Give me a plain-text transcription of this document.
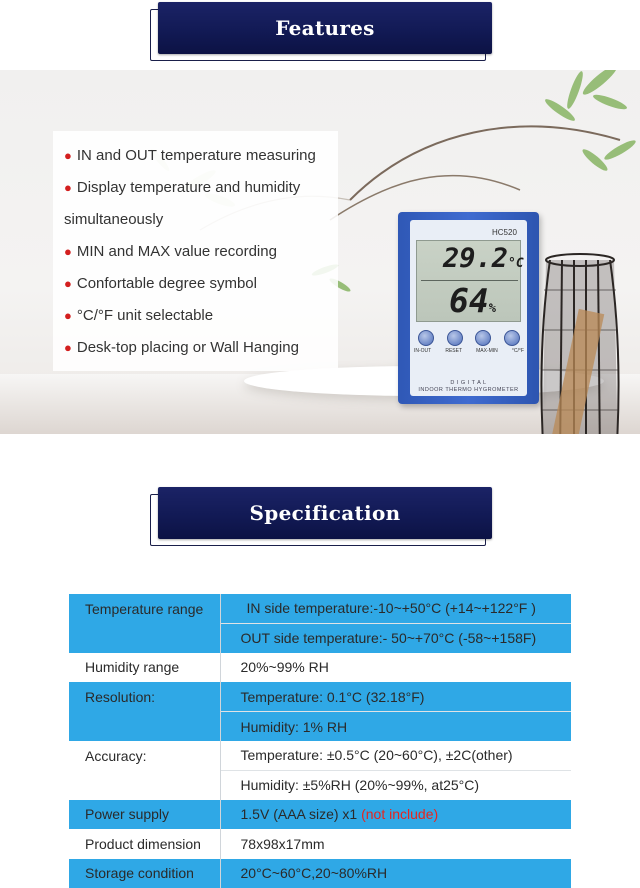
HC520
29.2°C
64%
IN-OUT	RESET	MAX-MIN	°C/°F
D I G I T A L
INDOOR THERMO HYGROMETER
Features
● IN and OUT temperature measuring
● Display temperature and humidity
simultaneously
● MIN and MAX value recording
● Confortable degree symbol
● °C/°F unit selectable
● Desk-top placing or Wall Hanging
Specification
Temperature range	IN side temperature:-10~+50°C (+14~+122°F )
	OUT side temperature:- 50~+70°C (-58~+158F)
Humidity range	20%~99% RH
Resolution:	Temperature: 0.1°C (32.18°F)
	Humidity: 1% RH
Accuracy:	Temperature: ±0.5°C (20~60°C), ±2C(other)
	Humidity: ±5%RH (20%~99%, at25°C)
Power supply	1.5V (AAA size) x1 (not include)
Product dimension	78x98x17mm
Storage condition	20°C~60°C,20~80%RH
